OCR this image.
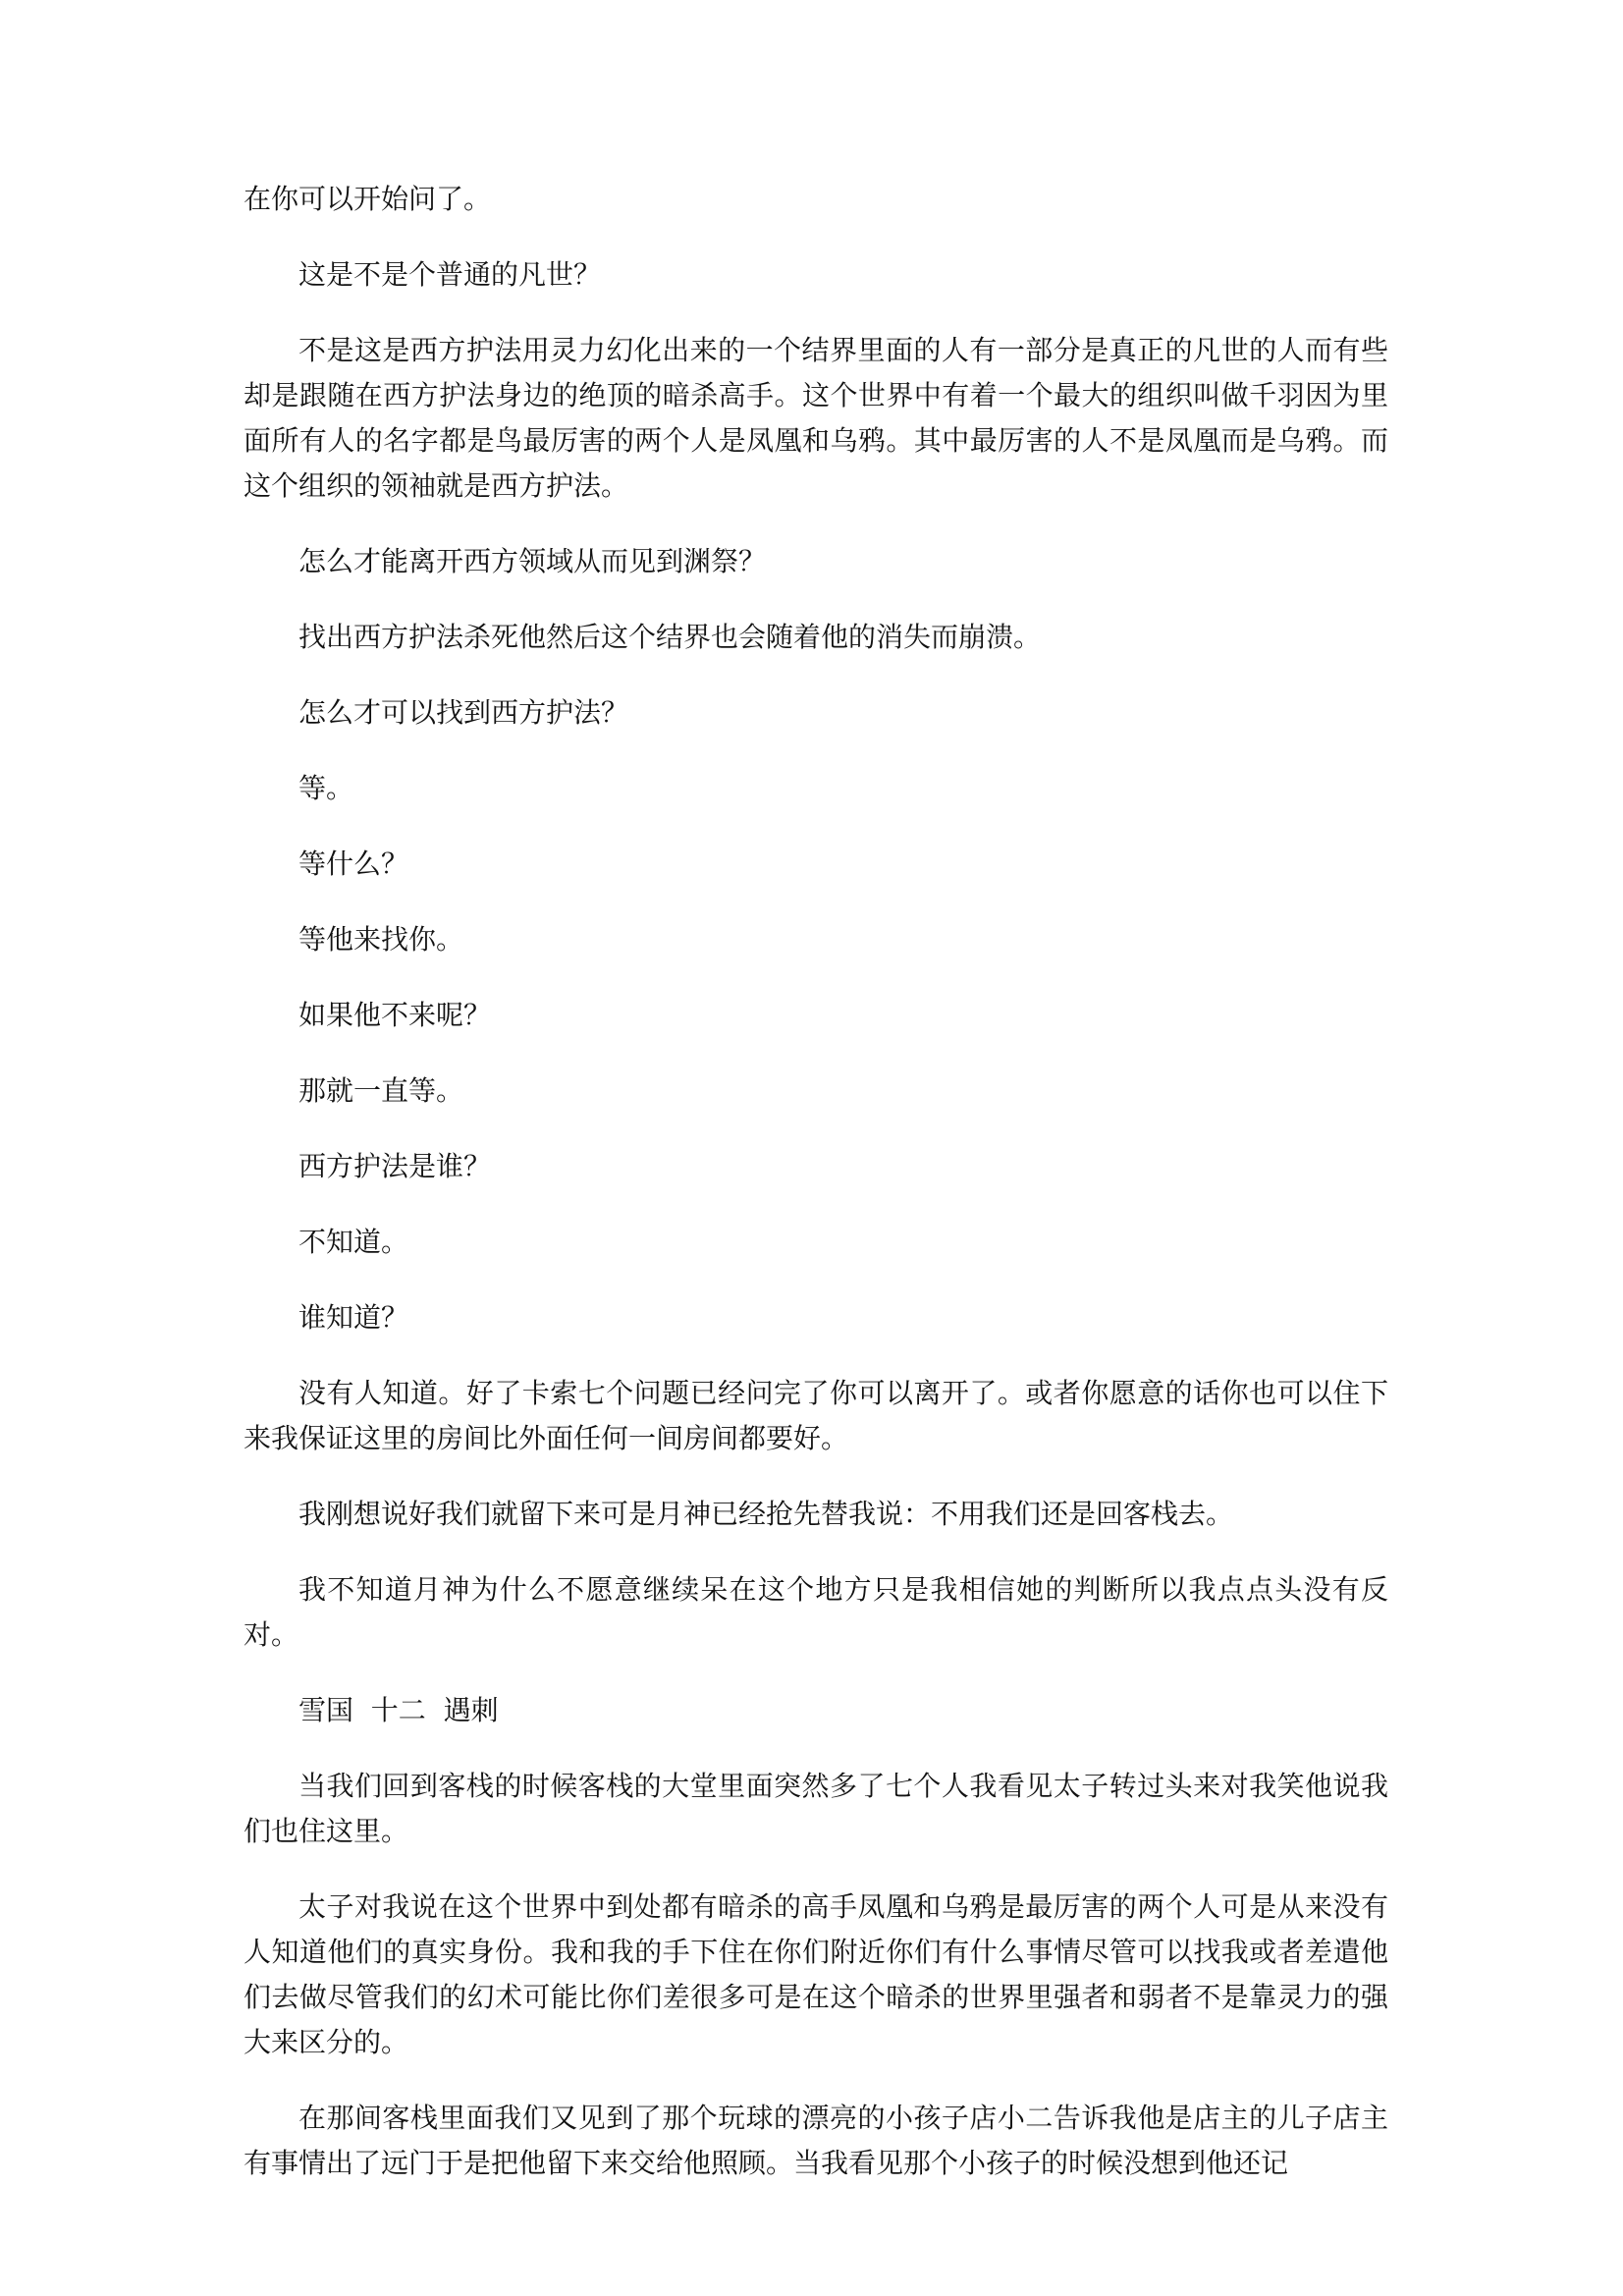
在你可以开始问了。

这是不是个普通的凡世？

不是这是西方护法用灵力幻化出来的一个结界里面的人有一部分是真正的凡世的人而有些却是跟随在西方护法身边的绝顶的暗杀高手。这个世界中有着一个最大的组织叫做千羽因为里面所有人的名字都是鸟最厉害的两个人是凤凰和乌鸦。其中最厉害的人不是凤凰而是乌鸦。而这个组织的领袖就是西方护法。

怎么才能离开西方领域从而见到渊祭？

找出西方护法杀死他然后这个结界也会随着他的消失而崩溃。

怎么才可以找到西方护法？

等。

等什么？

等他来找你。

如果他不来呢？

那就一直等。

西方护法是谁？

不知道。

谁知道？

没有人知道。好了卡索七个问题已经问完了你可以离开了。或者你愿意的话你也可以住下来我保证这里的房间比外面任何一间房间都要好。

我刚想说好我们就留下来可是月神已经抢先替我说：不用我们还是回客栈去。

我不知道月神为什么不愿意继续呆在这个地方只是我相信她的判断所以我点点头没有反对。

雪国  十二  遇刺

当我们回到客栈的时候客栈的大堂里面突然多了七个人我看见太子转过头来对我笑他说我们也住这里。

太子对我说在这个世界中到处都有暗杀的高手凤凰和乌鸦是最厉害的两个人可是从来没有人知道他们的真实身份。我和我的手下住在你们附近你们有什么事情尽管可以找我或者差遣他们去做尽管我们的幻术可能比你们差很多可是在这个暗杀的世界里强者和弱者不是靠灵力的强大来区分的。

在那间客栈里面我们又见到了那个玩球的漂亮的小孩子店小二告诉我他是店主的儿子店主有事情出了远门于是把他留下来交给他照顾。当我看见那个小孩子的时候没想到他还记
